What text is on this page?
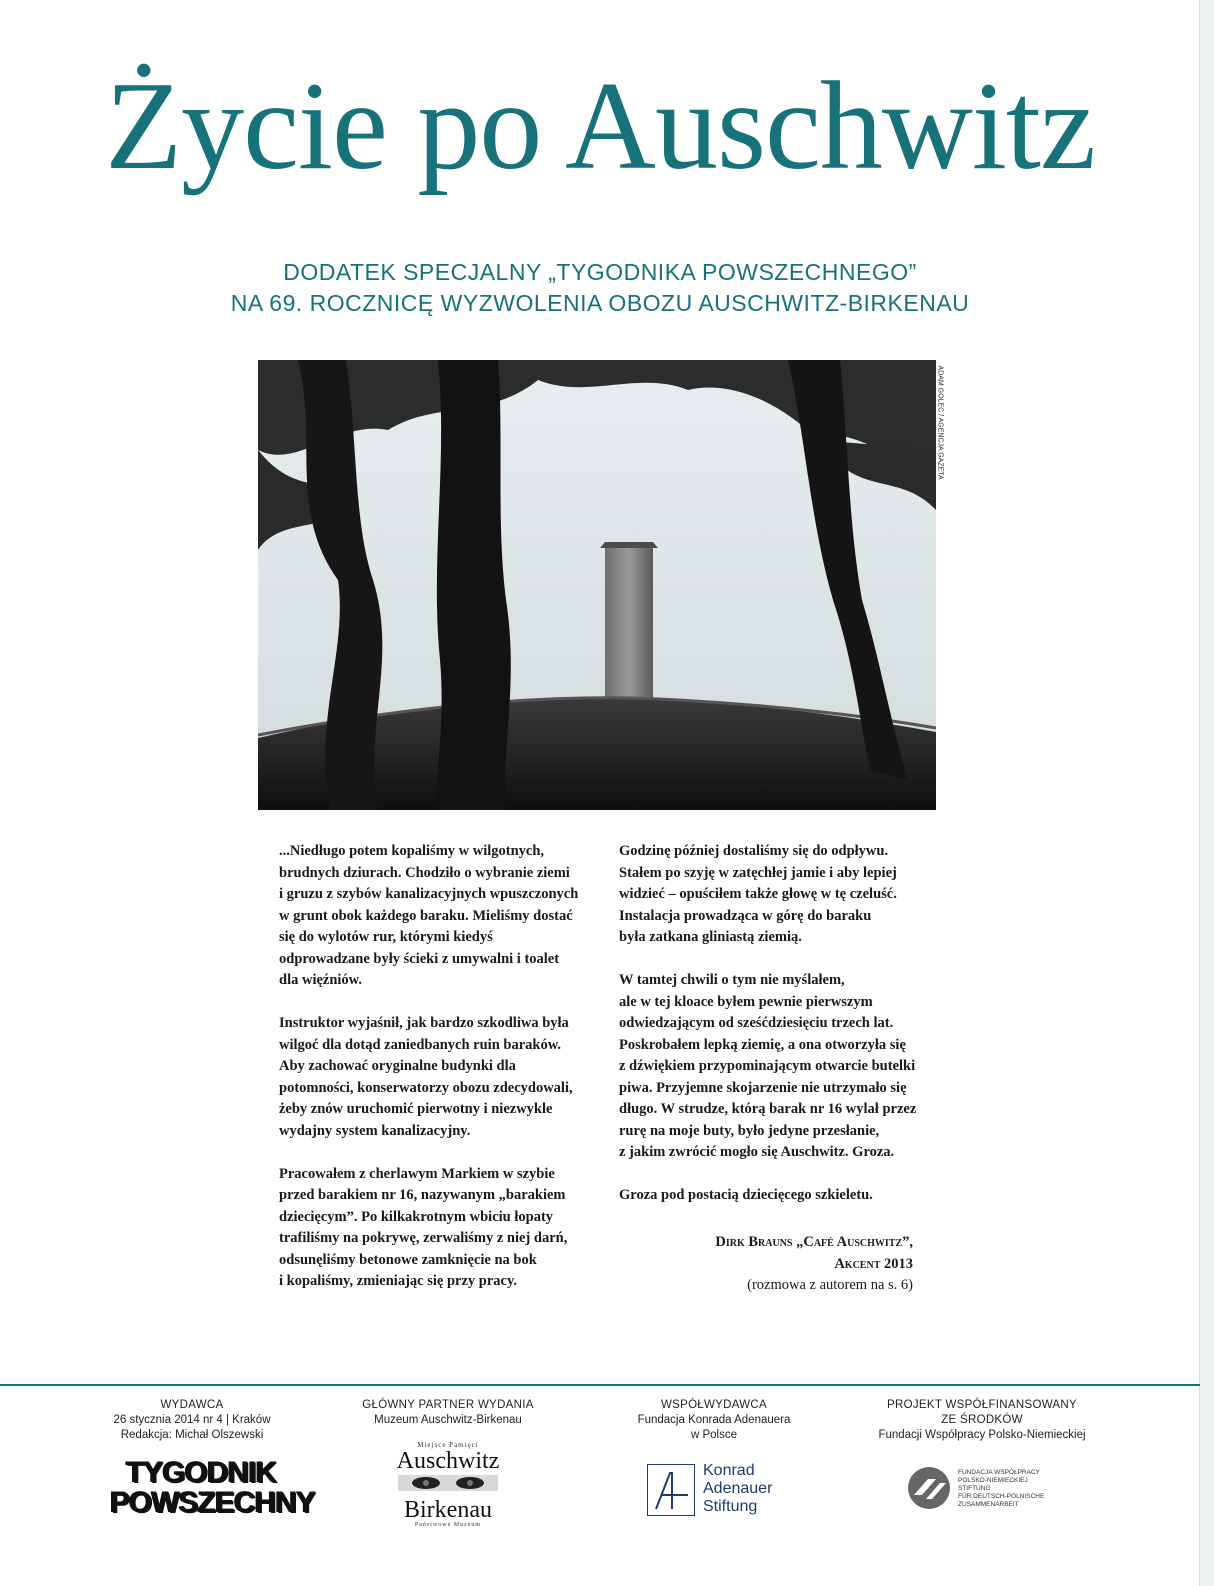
Życie po Auschwitz
DODATEK SPECJALNY „TYGODNIKA POWSZECHNEGO”
NA 69. ROCZNICĘ WYZWOLENIA OBOZU AUSCHWITZ-BIRKENAU
ADAM GOLEC / AGENCJA GAZETA

...Niedługo potem kopaliśmy w wilgotnych,
brudnych dziurach. Chodziło o wybranie ziemi
i gruzu z szybów kanalizacyjnych wpuszczonych
w grunt obok każdego baraku. Mieliśmy dostać
się do wylotów rur, którymi kiedyś
odprowadzane były ścieki z umywalni i toalet
dla więźniów.

Instruktor wyjaśnił, jak bardzo szkodliwa była
wilgoć dla dotąd zaniedbanych ruin baraków.
Aby zachować oryginalne budynki dla
potomności, konserwatorzy obozu zdecydowali,
żeby znów uruchomić pierwotny i niezwykle
wydajny system kanalizacyjny.

Pracowałem z cherlawym Markiem w szybie
przed barakiem nr 16, nazywanym „barakiem
dziecięcym”. Po kilkakrotnym wbiciu łopaty
trafiliśmy na pokrywę, zerwaliśmy z niej darń,
odsunęliśmy betonowe zamknięcie na bok
i kopaliśmy, zmieniając się przy pracy.

Godzinę później dostaliśmy się do odpływu.
Stałem po szyję w zatęchłej jamie i aby lepiej
widzieć – opuściłem także głowę w tę czeluść.
Instalacja prowadząca w górę do baraku
była zatkana gliniastą ziemią.

W tamtej chwili o tym nie myślałem,
ale w tej kloace byłem pewnie pierwszym
odwiedzającym od sześćdziesięciu trzech lat.
Poskrobałem lepką ziemię, a ona otworzyła się
z dźwiękiem przypominającym otwarcie butelki
piwa. Przyjemne skojarzenie nie utrzymało się
długo. W strudze, którą barak nr 16 wylał przez
rurę na moje buty, było jedyne przesłanie,
z jakim zwrócić mogło się Auschwitz. Groza.

Groza pod postacią dziecięcego szkieletu.

Dirk Brauns „Café Auschwitz”,
Akcent 2013
(rozmowa z autorem na s. 6)
WYDAWCA
26 stycznia 2014 nr 4 | Kraków
Redakcja: Michał Olszewski
TYGODNIK
POWSZECHNY
GŁÓWNY PARTNER WYDANIA
Muzeum Auschwitz-Birkenau
Miejsce Pamięci
Auschwitz
Birkenau
Państwowe Muzeum
WSPÓŁWYDAWCA
Fundacja Konrada Adenauera
w Polsce
Konrad
Adenauer
Stiftung
PROJEKT WSPÓŁFINANSOWANY
ZE ŚRODKÓW
Fundacji Współpracy Polsko-Niemieckiej
FUNDACJA WSPÓŁPRACY
POLSKO-NIEMIECKIEJ
STIFTUNG
FÜR DEUTSCH-POLNISCHE
ZUSAMMENARBEIT
